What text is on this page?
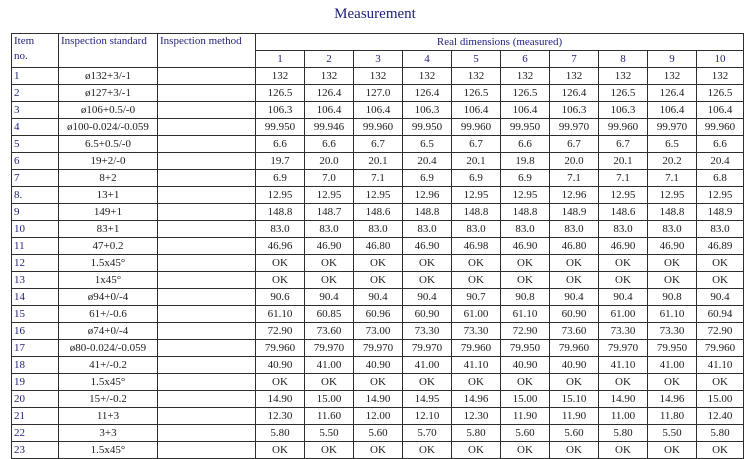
Measurement
Item
no.	Inspection standard	Inspection method	Real dimensions (measured)									
			1	2	3	4	5	6	7	8	9	10
1	ø132+3/-1		132	132	132	132	132	132	132	132	132	132
2	ø127+3/-1		126.5	126.4	127.0	126.4	126.5	126.5	126.4	126.5	126.4	126.5
3	ø106+0.5/-0		106.3	106.4	106.4	106.3	106.4	106.4	106.3	106.3	106.4	106.4
4	ø100-0.024/-0.059		99.950	99.946	99.960	99.950	99.960	99.950	99.970	99.960	99.970	99.960
5	6.5+0.5/-0		6.6	6.6	6.7	6.5	6.7	6.6	6.7	6.7	6.5	6.6
6	19+2/-0		19.7	20.0	20.1	20.4	20.1	19.8	20.0	20.1	20.2	20.4
7	8+2		6.9	7.0	7.1	6.9	6.9	6.9	7.1	7.1	7.1	6.8
8.	13+1		12.95	12.95	12.95	12.96	12.95	12.95	12.96	12.95	12.95	12.95
9	149+1		148.8	148.7	148.6	148.8	148.8	148.8	148.9	148.6	148.8	148.9
10	83+1		83.0	83.0	83.0	83.0	83.0	83.0	83.0	83.0	83.0	83.0
11	47+0.2		46.96	46.90	46.80	46.90	46.98	46.90	46.80	46.90	46.90	46.89
12	1.5x45°		OK	OK	OK	OK	OK	OK	OK	OK	OK	OK
13	1x45°		OK	OK	OK	OK	OK	OK	OK	OK	OK	OK
14	ø94+0/-4		90.6	90.4	90.4	90.4	90.7	90.8	90.4	90.4	90.8	90.4
15	61+/-0.6		61.10	60.85	60.96	60.90	61.00	61.10	60.90	61.00	61.10	60.94
16	ø74+0/-4		72.90	73.60	73.00	73.30	73.30	72.90	73.60	73.30	73.30	72.90
17	ø80-0.024/-0.059		79.960	79.970	79.970	79.970	79.960	79.950	79.960	79.970	79.950	79.960
18	41+/-0.2		40.90	41.00	40.90	41.00	41.10	40.90	40.90	41.10	41.00	41.10
19	1.5x45°		OK	OK	OK	OK	OK	OK	OK	OK	OK	OK
20	15+/-0.2		14.90	15.00	14.90	14.95	14.96	15.00	15.10	14.90	14.96	15.00
21	11+3		12.30	11.60	12.00	12.10	12.30	11.90	11.90	11.00	11.80	12.40
22	3+3		5.80	5.50	5.60	5.70	5.80	5.60	5.60	5.80	5.50	5.80
23	1.5x45°		OK	OK	OK	OK	OK	OK	OK	OK	OK	OK
